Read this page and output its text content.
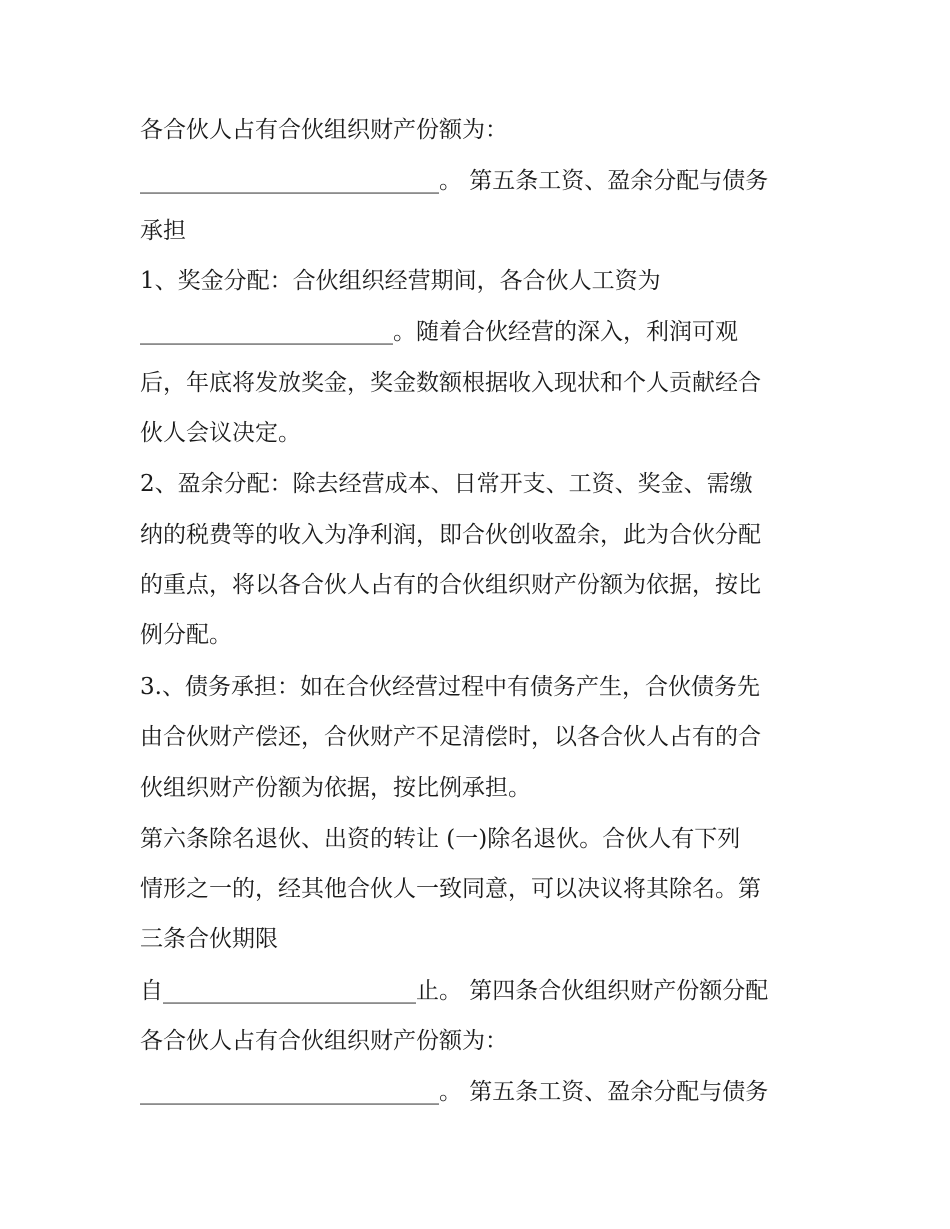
各合伙人占有合伙组织财产份额为：
__________________________。 第五条工资、盈余分配与债务
承担
1、奖金分配：合伙组织经营期间，各合伙人工资为
______________________。随着合伙经营的深入，利润可观
后，年底将发放奖金，奖金数额根据收入现状和个人贡献经合
伙人会议决定。
2、盈余分配：除去经营成本、日常开支、工资、奖金、需缴
纳的税费等的收入为净利润，即合伙创收盈余，此为合伙分配
的重点，将以各合伙人占有的合伙组织财产份额为依据，按比
例分配。
3.、债务承担：如在合伙经营过程中有债务产生，合伙债务先
由合伙财产偿还，合伙财产不足清偿时，以各合伙人占有的合
伙组织财产份额为依据，按比例承担。
第六条除名退伙、出资的转让 (一)除名退伙。合伙人有下列
情形之一的，经其他合伙人一致同意，可以决议将其除名。第
三条合伙期限
自______________________止。 第四条合伙组织财产份额分配
各合伙人占有合伙组织财产份额为：
__________________________。 第五条工资、盈余分配与债务
